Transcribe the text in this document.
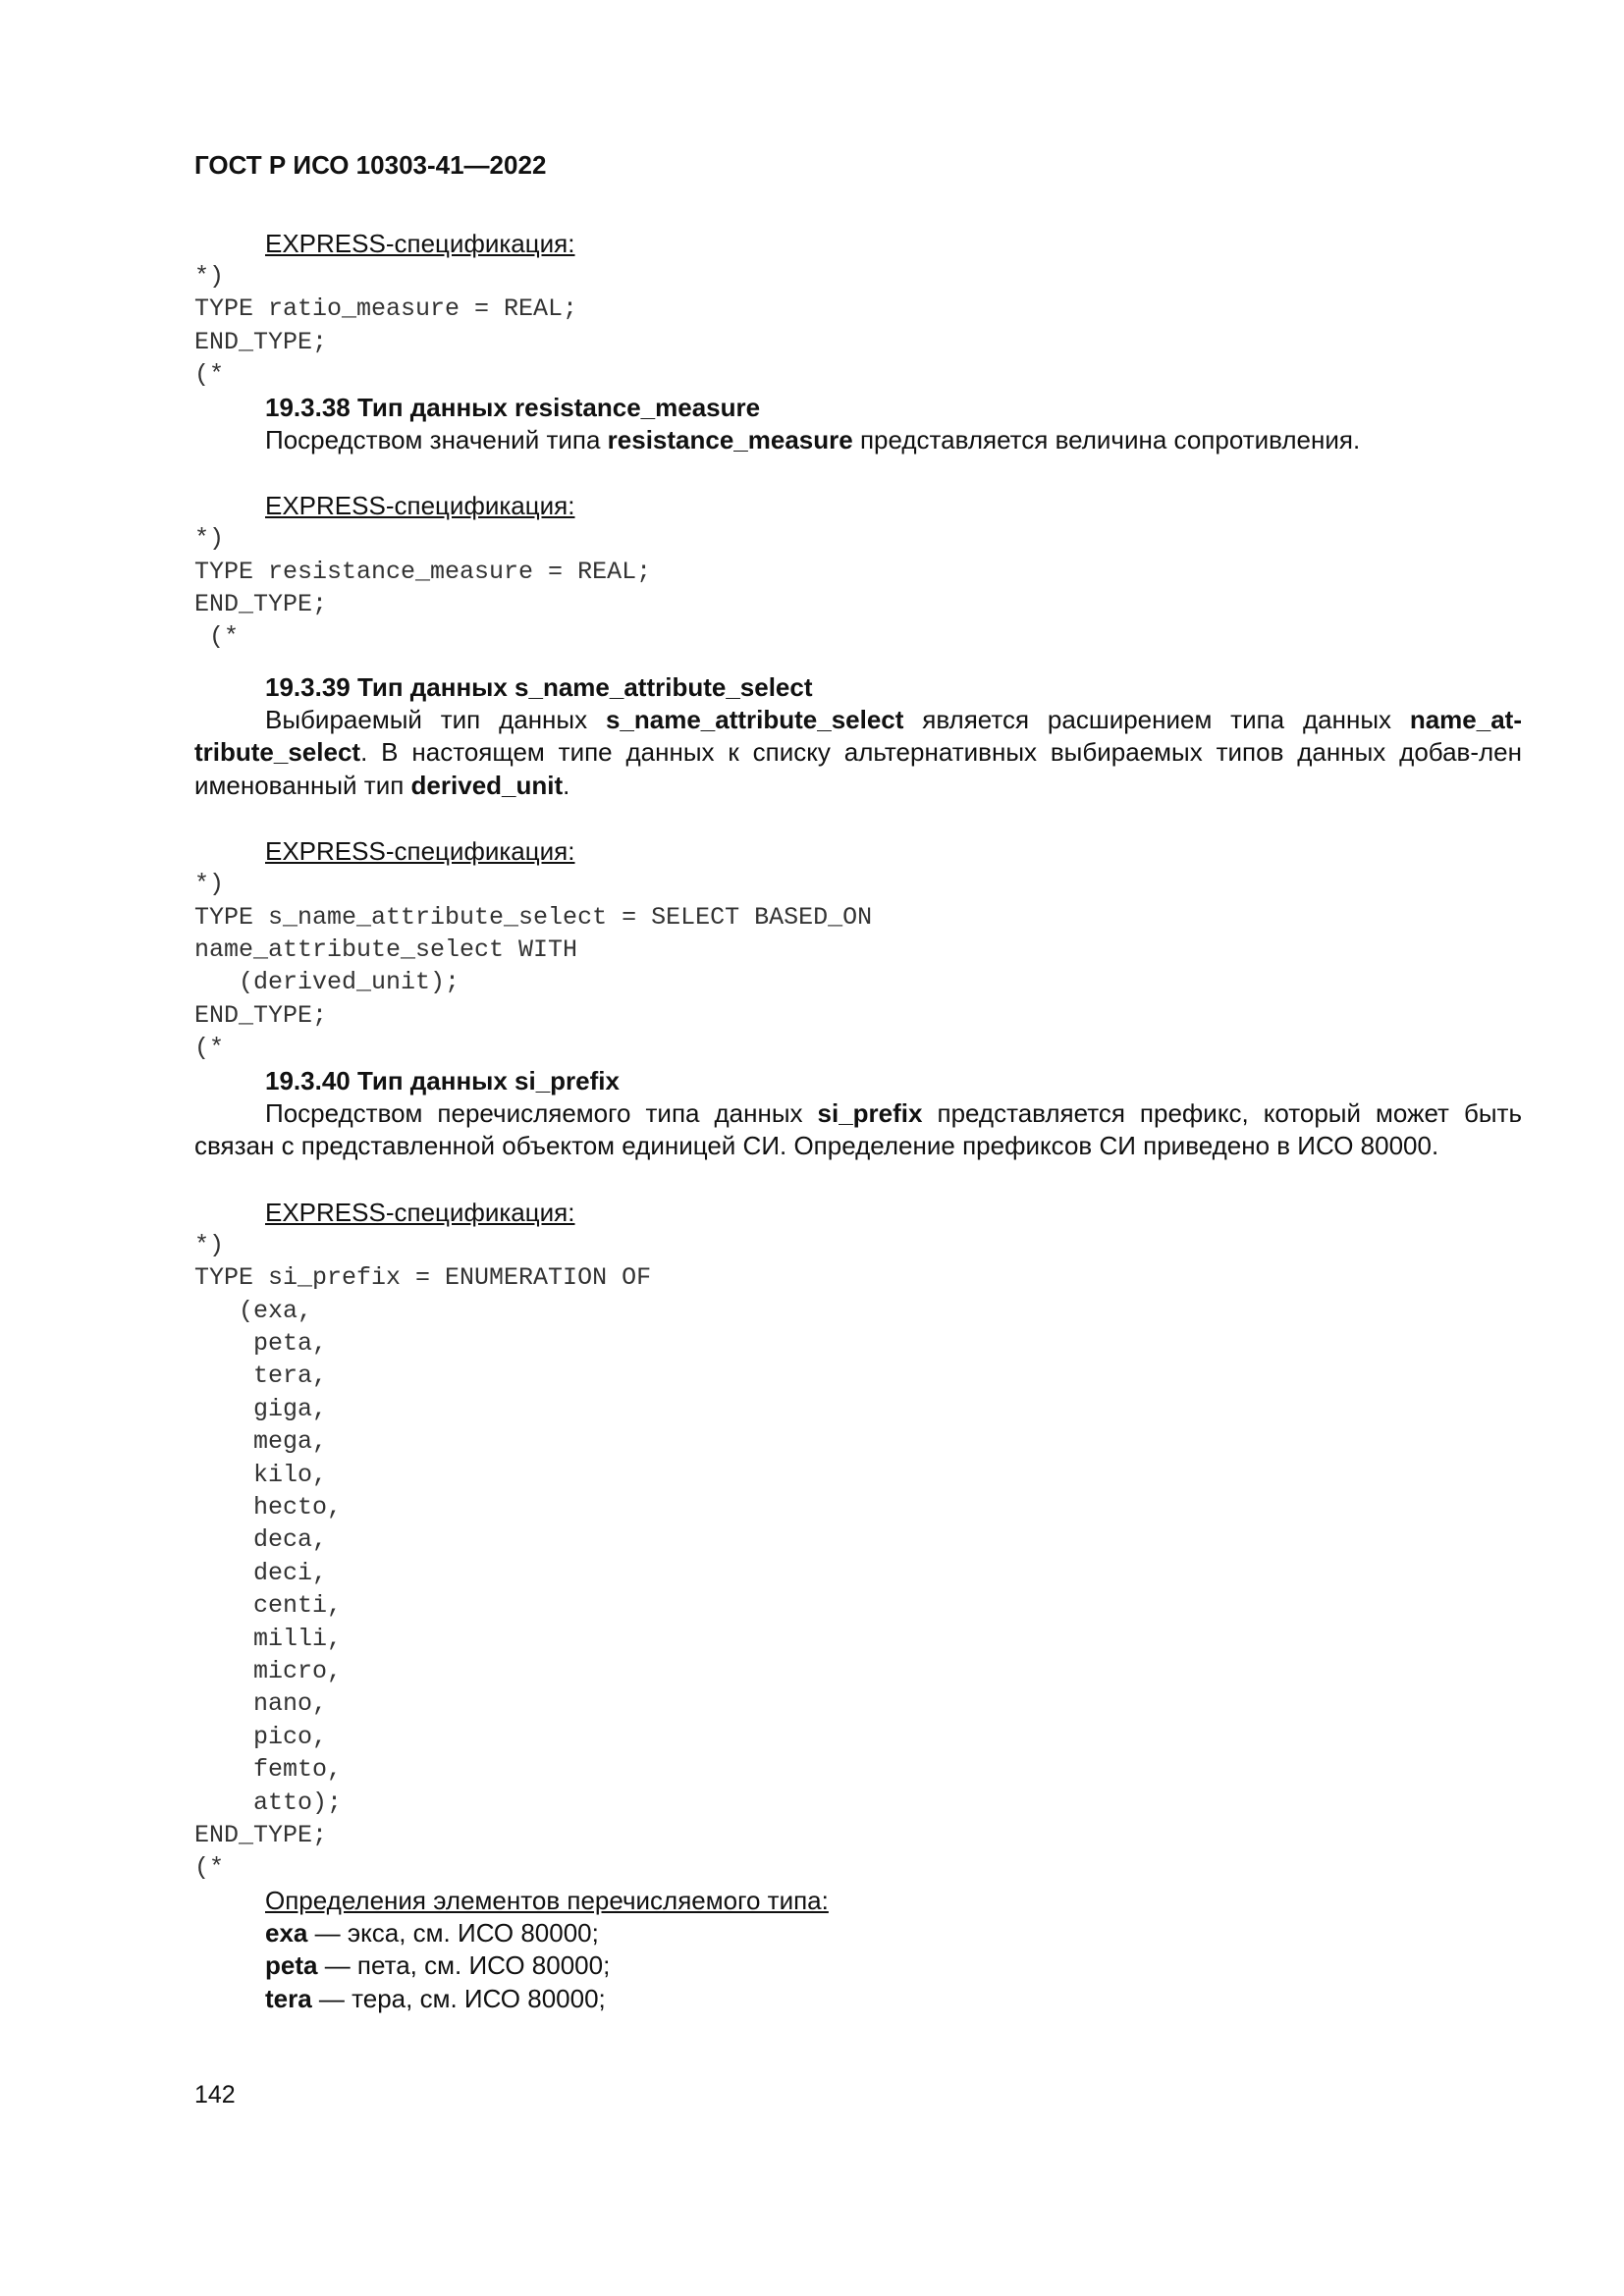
ГОСТ Р ИСО 10303-41—2022
EXPRESS-спецификация:
*)
TYPE ratio_measure = REAL;
END_TYPE;
(*
19.3.38 Тип данных resistance_measure

Посредством значений типа resistance_measure представляется величина сопротивления.

EXPRESS-спецификация:
*)
TYPE resistance_measure = REAL;
END_TYPE;
(*
19.3.39 Тип данных s_name_attribute_select

Выбираемый тип данных s_name_attribute_select является расширением типа данных name_at-tribute_select. В настоящем типе данных к списку альтернативных выбираемых типов данных добав-лен именованный тип derived_unit.

EXPRESS-спецификация:
*)
TYPE s_name_attribute_select = SELECT BASED_ON
name_attribute_select WITH
(derived_unit);
END_TYPE;
(*
19.3.40 Тип данных si_prefix

Посредством перечисляемого типа данных si_prefix представляется префикс, который может быть связан с представленной объектом единицей СИ. Определение префиксов СИ приведено в ИСО 80000.

EXPRESS-спецификация:
*)
TYPE si_prefix = ENUMERATION OF
(exa,
peta,
tera,
giga,
mega,
kilo,
hecto,
deca,
deci,
centi,
milli,
micro,
nano,
pico,
femto,
atto);
END_TYPE;
(*
Определения элементов перечисляемого типа:
exa — экса, см. ИСО 80000;
peta — пета, см. ИСО 80000;
tera — тера, см. ИСО 80000;
142
